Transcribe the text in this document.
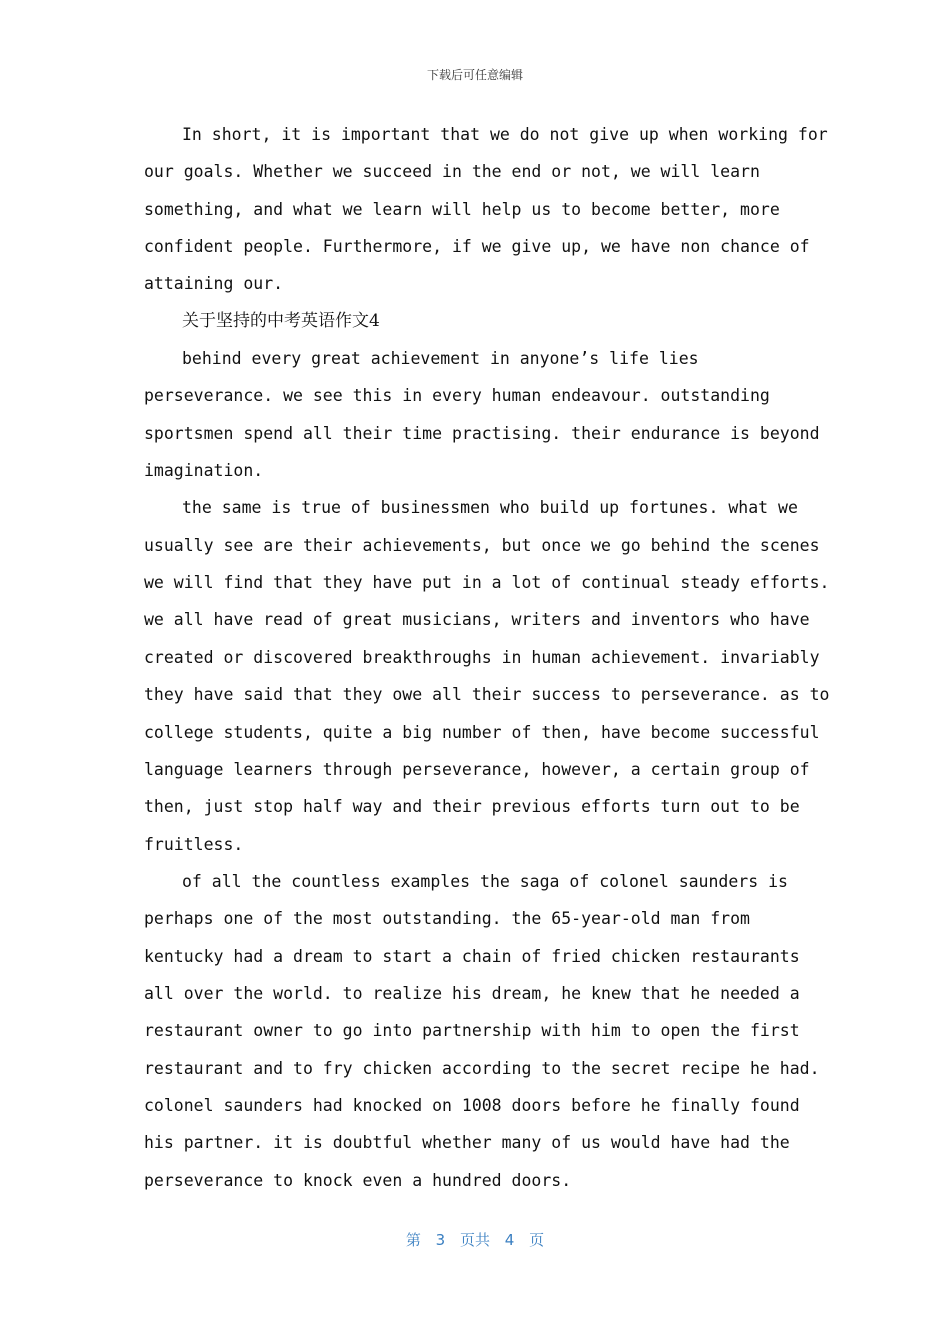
下载后可任意编辑
In short, it is important that we do not give up when working for
our goals. Whether we succeed in the end or not, we will learn
something, and what we learn will help us to become better, more
confident people. Furthermore, if we give up, we have non chance of
attaining our.
关于坚持的中考英语作文4
behind every great achievement in anyone’s life lies
perseverance. we see this in every human endeavour. outstanding
sportsmen spend all their time practising. their endurance is beyond
imagination.
the same is true of businessmen who build up fortunes. what we
usually see are their achievements, but once we go behind the scenes
we will find that they have put in a lot of continual steady efforts.
we all have read of great musicians, writers and inventors who have
created or discovered breakthroughs in human achievement. invariably
they have said that they owe all their success to perseverance. as to
college students, quite a big number of then, have become successful
language learners through perseverance, however, a certain group of
then, just stop half way and their previous efforts turn out to be
fruitless.
of all the countless examples the saga of colonel saunders is
perhaps one of the most outstanding. the 65-year-old man from
kentucky had a dream to start a chain of fried chicken restaurants
all over the world. to realize his dream, he knew that he needed a
restaurant owner to go into partnership with him to open the first
restaurant and to fry chicken according to the secret recipe he had.
colonel saunders had knocked on 1008 doors before he finally found
his partner. it is doubtful whether many of us would have had the
perseverance to knock even a hundred doors.
第 3 页共 4 页
